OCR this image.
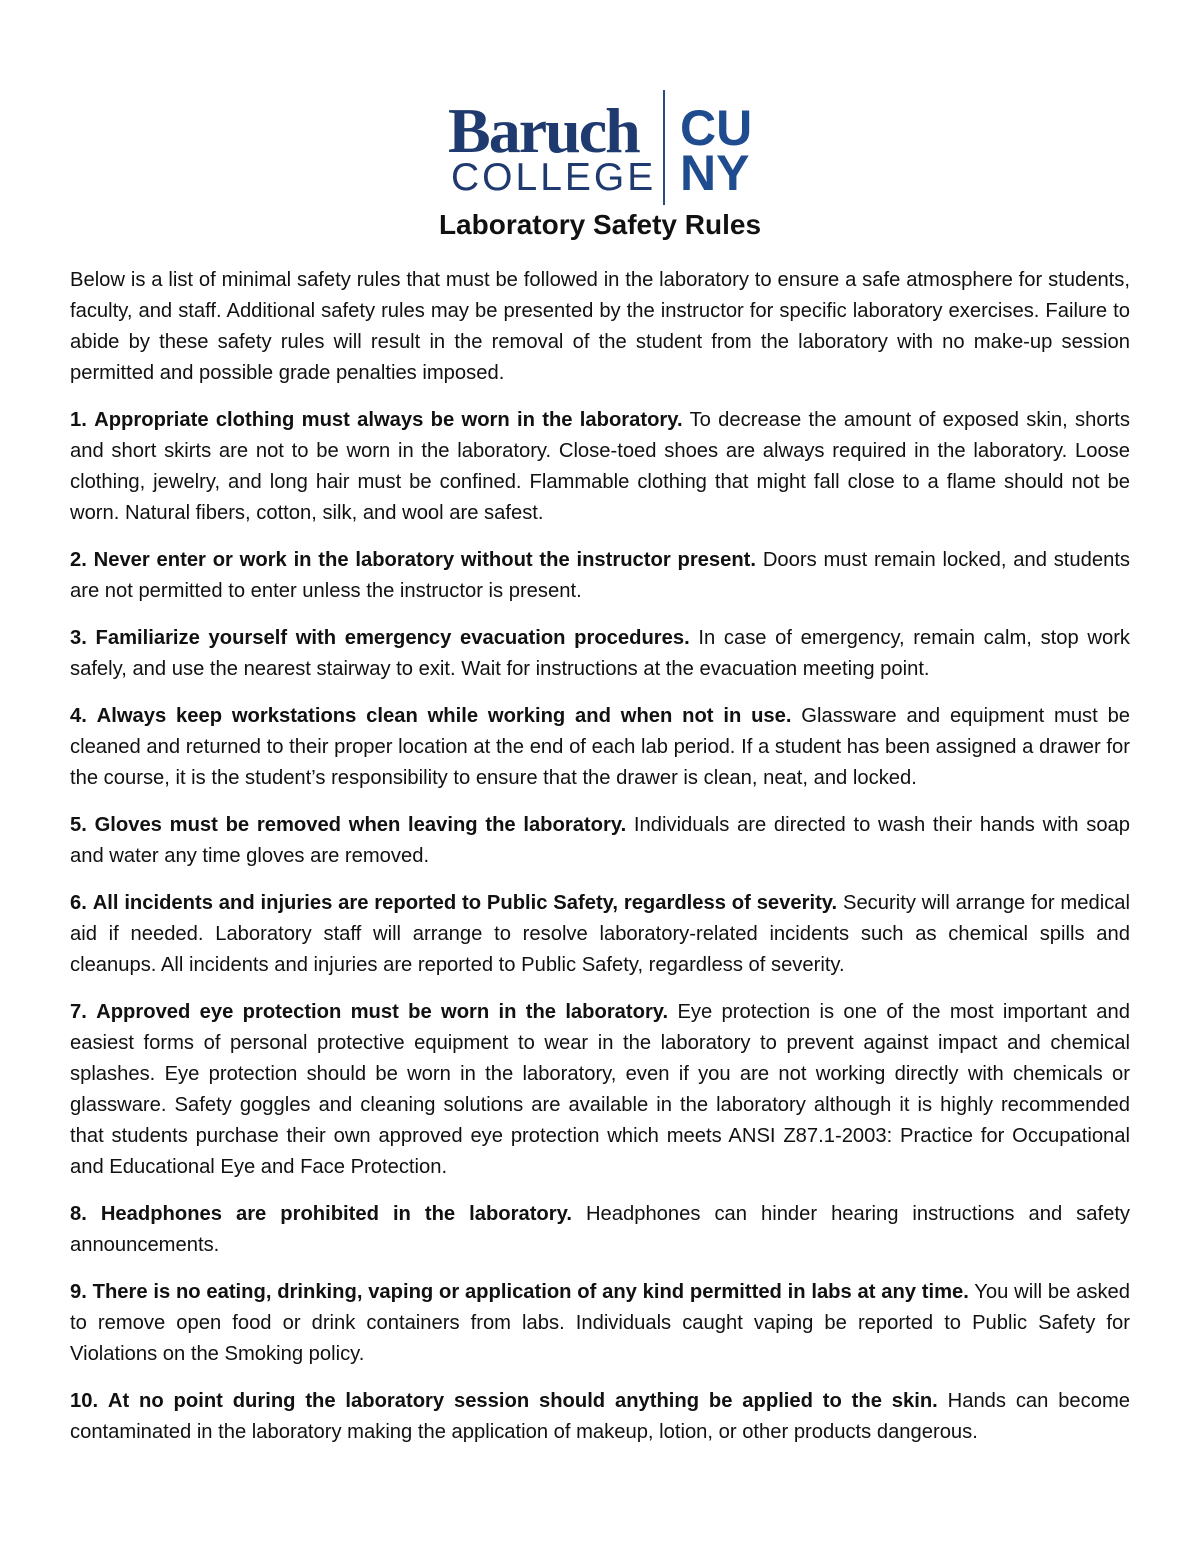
Baruch
COLLEGE
CU
NY
Laboratory Safety Rules

Below is a list of minimal safety rules that must be followed in the laboratory to ensure a safe atmosphere for students, faculty, and staff. Additional safety rules may be presented by the instructor for specific laboratory exercises. Failure to abide by these safety rules will result in the removal of the student from the laboratory with no make-up session permitted and possible grade penalties imposed.

1. Appropriate clothing must always be worn in the laboratory. To decrease the amount of exposed skin, shorts and short skirts are not to be worn in the laboratory. Close-toed shoes are always required in the laboratory. Loose clothing, jewelry, and long hair must be confined. Flammable clothing that might fall close to a flame should not be worn. Natural fibers, cotton, silk, and wool are safest.

2. Never enter or work in the laboratory without the instructor present. Doors must remain locked, and students are not permitted to enter unless the instructor is present.

3. Familiarize yourself with emergency evacuation procedures. In case of emergency, remain calm, stop work safely, and use the nearest stairway to exit. Wait for instructions at the evacuation meeting point.

4. Always keep workstations clean while working and when not in use. Glassware and equipment must be cleaned and returned to their proper location at the end of each lab period. If a student has been assigned a drawer for the course, it is the student’s responsibility to ensure that the drawer is clean, neat, and locked.

5. Gloves must be removed when leaving the laboratory. Individuals are directed to wash their hands with soap and water any time gloves are removed.

6. All incidents and injuries are reported to Public Safety, regardless of severity. Security will arrange for medical aid if needed. Laboratory staff will arrange to resolve laboratory-related incidents such as chemical spills and cleanups. All incidents and injuries are reported to Public Safety, regardless of severity.

7. Approved eye protection must be worn in the laboratory. Eye protection is one of the most important and easiest forms of personal protective equipment to wear in the laboratory to prevent against impact and chemical splashes. Eye protection should be worn in the laboratory, even if you are not working directly with chemicals or glassware. Safety goggles and cleaning solutions are available in the laboratory although it is highly recommended that students purchase their own approved eye protection which meets ANSI Z87.1-2003: Practice for Occupational and Educational Eye and Face Protection.

8. Headphones are prohibited in the laboratory. Headphones can hinder hearing instructions and safety announcements.

9. There is no eating, drinking, vaping or application of any kind permitted in labs at any time. You will be asked to remove open food or drink containers from labs. Individuals caught vaping be reported to Public Safety for Violations on the Smoking policy.

10. At no point during the laboratory session should anything be applied to the skin. Hands can become contaminated in the laboratory making the application of makeup, lotion, or other products dangerous.
